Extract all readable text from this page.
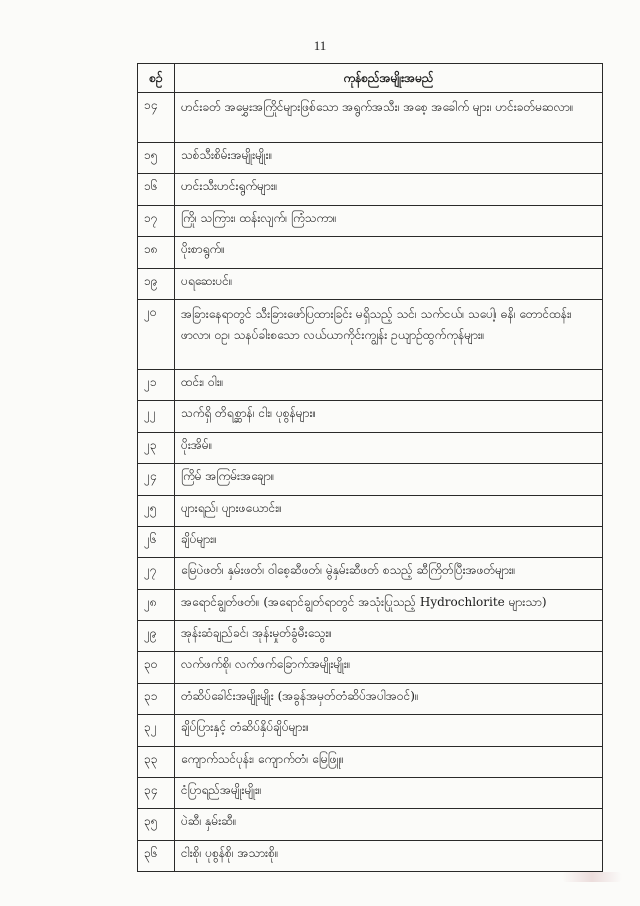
11
စဉ်	ကုန်စည်အမျိုးအမည်
၁၄	ဟင်းခတ် အမွှေးအကြိုင်များဖြစ်သော အရွက်အသီး၊ အစေ့ အခေါက် များ၊ ဟင်းခတ်မဆလာ။
၁၅	သစ်သီးစိမ်းအမျိုးမျိုး။
၁၆	ဟင်းသီးဟင်းရွက်များ။
၁၇	ကြို၊ သကြား၊ ထန်းလျက်၊ ကြံသကာ။
၁၈	ပိုးစာရွက်။
၁၉	ပရဆေးပင်။
၂၀	အခြားနေရာတွင် သီးခြားဖော်ပြထားခြင်း မရှိသည့် သင်၊ သက်ငယ်၊ သပေါ့၊ ဓနိ၊ တောင်ထန်း၊ ဖာလာ၊ ဝဥ၊ သနပ်ခါးစသော လယ်ယာကိုင်းကျွန်း ဥယျာဉ်ထွက်ကုန်များ။
၂၁	ထင်း၊ ဝါး။
၂၂	သက်ရှိ တိရစ္ဆာန်၊ ငါး၊ ပုစွန်များ။
၂၃	ပိုးအိမ်။
၂၄	ကြိမ် အကြမ်းအချော။
၂၅	ပျားရည်၊ ပျားဖယောင်း။
၂၆	ချိပ်များ။
၂၇	မြေပဲဖတ်၊ နှမ်းဖတ်၊ ဝါစေ့ဆီဖတ်၊ မွဲနှမ်းဆီဖတ် စသည့် ဆီကြိတ်ပြီးအဖတ်များ။
၂၈	အရောင်ချွတ်ဖတ်။ (အရောင်ချွတ်ရာတွင် အသုံးပြုသည့် Hydrochlorite များသာ)
၂၉	အုန်းဆံချည်ခင်၊ အုန်းမှုတ်ခွံမီးသွေး။
၃၀	လက်ဖက်စို၊ လက်ဖက်ခြောက်အမျိုးမျိုး။
၃၁	တံဆိပ်ခေါင်းအမျိုးမျိုး (အခွန်အမှတ်တံဆိပ်အပါအဝင်)။
၃၂	ချိပ်ပြားနှင့် တံဆိပ်နှိပ်ချိပ်များ။
၃၃	ကျောက်သင်ပုန်း၊ ကျောက်တံ၊ မြေဖြူ။
၃၄	ငံပြာရည်အမျိုးမျိုး။
၃၅	ပဲဆီ၊ နှမ်းဆီ။
၃၆	ငါးစို၊ ပုစွန်စို၊ အသားစို။
